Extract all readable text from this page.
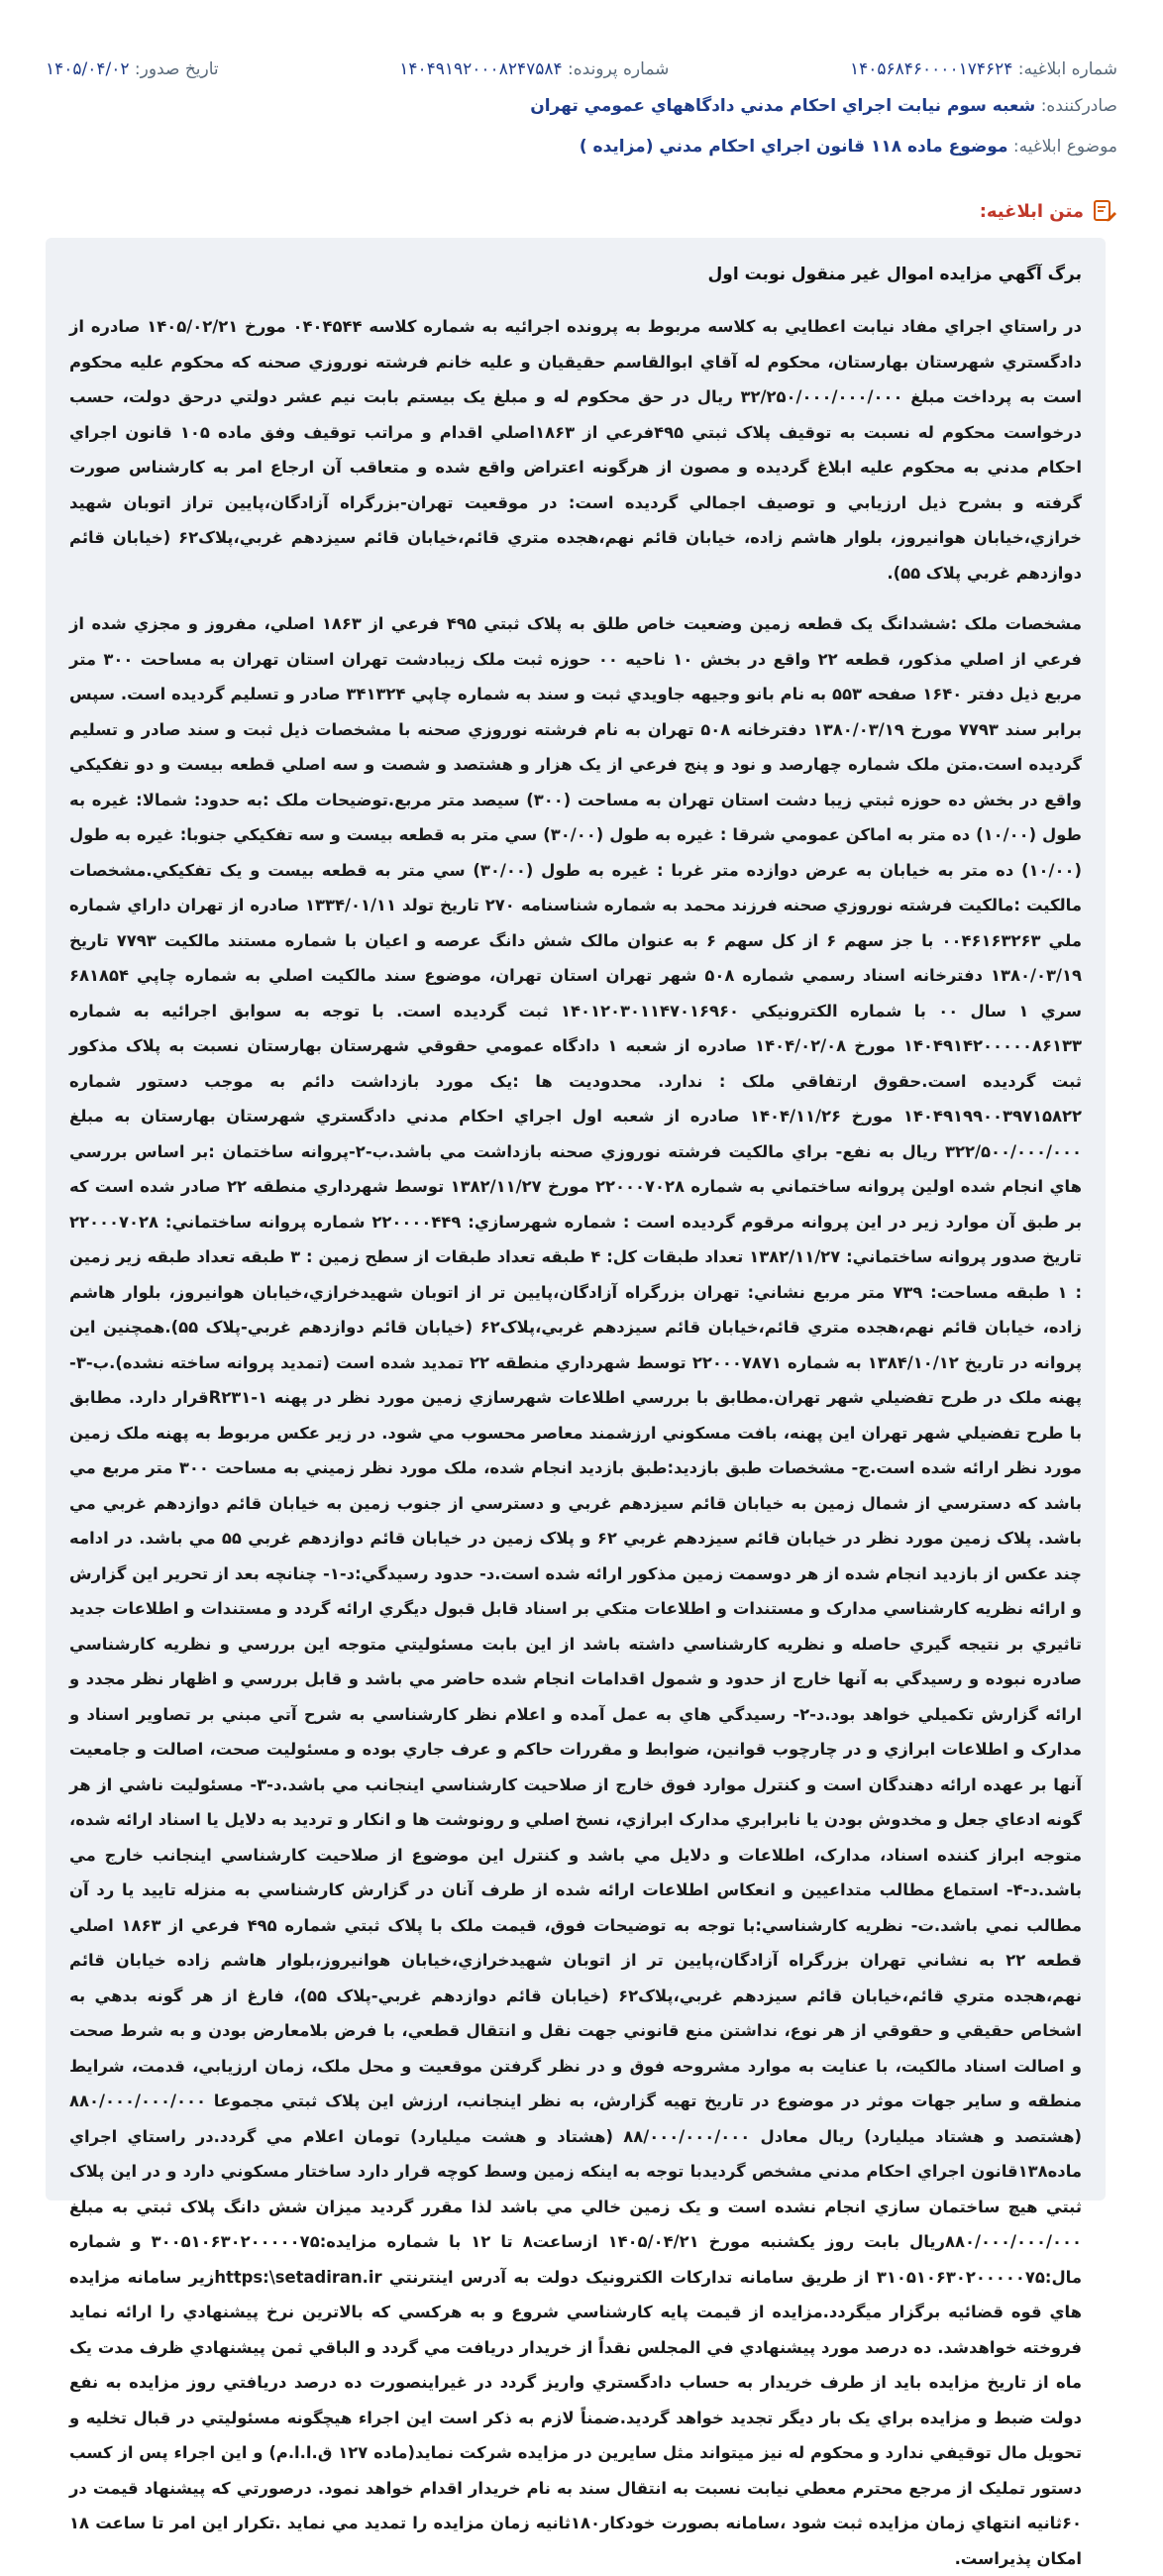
شماره ابلاغيه: ۱۴۰۵۶۸۴۶۰۰۰۰۱۷۴۶۲۴
شماره پرونده: ۱۴۰۴۹۱۹۲۰۰۰۸۲۴۷۵۸۴
تاريخ صدور: ۱۴۰۵/۰۴/۰۲
صادرکننده: شعبه سوم نيابت اجراي احکام مدني دادگاههاي عمومي تهران
موضوع ابلاغيه: موضوع ماده ۱۱۸ قانون اجراي احکام مدني (مزايده )
متن ابلاغيه:
برگ آگهي مزايده اموال غير منقول نوبت اول

در راستاي اجراي مفاد نيابت اعطايي به کلاسه مربوط به پرونده اجرائيه به شماره کلاسه ۰۴۰۴۵۴۴ مورخ ۱۴۰۵/۰۲/۲۱ صادره از دادگستري شهرستان بهارستان، محکوم له آقاي ابوالقاسم حقيقيان و عليه خانم فرشته نوروزي صحنه که محکوم عليه محکوم است به پرداخت مبلغ ۳۲/۲۵۰/۰۰۰/۰۰۰/۰۰۰ ريال در حق محکوم له و مبلغ يک بيستم بابت نيم عشر دولتي درحق دولت، حسب درخواست محکوم له نسبت به توقيف پلاک ثبتي ۴۹۵فرعي از ۱۸۶۳اصلي اقدام و مراتب توقيف وفق ماده ۱۰۵ قانون اجراي احکام مدني به محکوم عليه ابلاغ گرديده و مصون از هرگونه اعتراض واقع شده و متعاقب آن ارجاع امر به کارشناس صورت گرفته و بشرح ذيل ارزيابي و توصيف اجمالي گرديده است: در موقعيت تهران-بزرگراه آزادگان،پايين تراز اتوبان شهيد خرازي،خيابان هوانيروز، بلوار هاشم زاده، خيابان قائم نهم،هجده متري قائم،خيابان قائم سيزدهم غربي،پلاک۶۲ (خيابان قائم دوازدهم غربي پلاک ۵۵).

مشخصات ملک :ششدانگ يک قطعه زمين وضعيت خاص طلق به پلاک ثبتي ۴۹۵ فرعي از ۱۸۶۳ اصلي، مفروز و مجزي شده از فرعي از اصلي مذکور، قطعه ۲۲ واقع در بخش ۱۰ ناحيه ۰۰ حوزه ثبت ملک زيبادشت تهران استان تهران به مساحت ۳۰۰ متر مربع ذيل دفتر ۱۶۴۰ صفحه ۵۵۳ به نام بانو وجيهه جاويدي ثبت و سند به شماره چاپي ۳۴۱۳۲۴ صادر و تسليم گرديده است. سپس برابر سند ۷۷۹۳ مورخ ۱۳۸۰/۰۳/۱۹ دفترخانه ۵۰۸ تهران به نام فرشته نوروزي صحنه با مشخصات ذيل ثبت و سند صادر و تسليم گرديده است.متن ملک شماره چهارصد و نود و پنج فرعي از يک هزار و هشتصد و شصت و سه اصلي قطعه بيست و دو تفکيکي واقع در بخش ده حوزه ثبتي زيبا دشت استان تهران به مساحت (۳۰۰) سيصد متر مربع.توضيحات ملک :به حدود: شمالا: غيره به طول (۱۰/۰۰) ده متر به اماکن عمومي شرقا : غيره به طول (۳۰/۰۰) سي متر به قطعه بيست و سه تفکيکي جنوبا: غيره به طول (۱۰/۰۰) ده متر به خيابان به عرض دوازده متر غربا : غيره به طول (۳۰/۰۰) سي متر به قطعه بيست و يک تفکيکي.مشخصات مالکيت :مالکيت فرشته نوروزي صحنه فرزند محمد به شماره شناسنامه ۲۷۰ تاريخ تولد ۱۳۳۴/۰۱/۱۱ صادره از تهران داراي شماره ملي ۰۰۴۶۱۶۳۲۶۳ با جز سهم ۶ از کل سهم ۶ به عنوان مالک شش دانگ عرصه و اعيان با شماره مستند مالکيت ۷۷۹۳ تاريخ ۱۳۸۰/۰۳/۱۹ دفترخانه اسناد رسمي شماره ۵۰۸ شهر تهران استان تهران، موضوع سند مالکيت اصلي به شماره چاپي ۶۸۱۸۵۴ سري ۱ سال ۰۰ با شماره الکترونيکي ۱۴۰۱۲۰۳۰۱۱۴۷۰۱۶۹۶۰ ثبت گرديده است. با توجه به سوابق اجرائيه به شماره ۱۴۰۴۹۱۴۲۰۰۰۰۰۸۶۱۳۳ مورخ ۱۴۰۴/۰۲/۰۸ صادره از شعبه ۱ دادگاه عمومي حقوقي شهرستان بهارستان نسبت به پلاک مذکور ثبت گرديده است.حقوق ارتفاقي ملک : ندارد. محدوديت ها :يک مورد بازداشت دائم به موجب دستور شماره ۱۴۰۴۹۱۹۹۰۰۳۹۷۱۵۸۲۲ مورخ ۱۴۰۴/۱۱/۲۶ صادره از شعبه اول اجراي احکام مدني دادگستري شهرستان بهارستان به مبلغ ۳۲۲/۵۰۰/۰۰۰/۰۰۰ ريال به نفع- براي مالکيت فرشته نوروزي صحنه بازداشت مي باشد.ب-۲-پروانه ساختمان :بر اساس بررسي هاي انجام شده اولين پروانه ساختماني به شماره ۲۲۰۰۰۷۰۲۸ مورخ ۱۳۸۲/۱۱/۲۷ توسط شهرداري منطقه ۲۲ صادر شده است که بر طبق آن موارد زير در اين پروانه مرقوم گرديده است : شماره شهرسازي: ۲۲۰۰۰۰۴۴۹ شماره پروانه ساختماني: ۲۲۰۰۰۷۰۲۸ تاريخ صدور پروانه ساختماني: ۱۳۸۲/۱۱/۲۷ تعداد طبقات کل: ۴ طبقه تعداد طبقات از سطح زمين : ۳ طبقه تعداد طبقه زير زمين : ۱ طبقه مساحت: ۷۳۹ متر مربع نشاني: تهران بزرگراه آزادگان،پايين تر از اتوبان شهيدخرازي،خيابان هوانيروز، بلوار هاشم زاده، خيابان قائم نهم،هجده متري قائم،خيابان قائم سيزدهم غربي،پلاک۶۲ (خيابان قائم دوازدهم غربي-پلاک ۵۵).همچنين اين پروانه در تاريخ ۱۳۸۴/۱۰/۱۲ به شماره ۲۲۰۰۰۷۸۷۱ توسط شهرداري منطقه ۲۲ تمديد شده است (تمديد پروانه ساخته نشده).ب-۳- پهنه ملک در طرح تفضيلي شهر تهران.مطابق با بررسي اطلاعات شهرسازي زمين مورد نظر در پهنه R۲۳۱-۱قرار دارد. مطابق با طرح تفضيلي شهر تهران اين پهنه، بافت مسکوني ارزشمند معاصر محسوب مي شود. در زير عکس مربوط به پهنه ملک زمين مورد نظر ارائه شده است.ج- مشخصات طبق بازديد:طبق بازديد انجام شده، ملک مورد نظر زميني به مساحت ۳۰۰ متر مربع مي باشد که دسترسي از شمال زمين به خيابان قائم سيزدهم غربي و دسترسي از جنوب زمين به خيابان قائم دوازدهم غربي مي باشد. پلاک زمين مورد نظر در خيابان قائم سيزدهم غربي ۶۲ و پلاک زمين در خيابان قائم دوازدهم غربي ۵۵ مي باشد. در ادامه چند عکس از بازديد انجام شده از هر دوسمت زمين مذکور ارائه شده است.د- حدود رسيدگي:د-۱- چنانچه بعد از تحرير اين گزارش و ارائه نظريه کارشناسي مدارک و مستندات و اطلاعات متکي بر اسناد قابل قبول ديگري ارائه گردد و مستندات و اطلاعات جديد تاثيري بر نتيجه گيري حاصله و نظريه کارشناسي داشته باشد از اين بابت مسئوليتي متوجه اين بررسي و نظريه کارشناسي صادره نبوده و رسيدگي به آنها خارج از حدود و شمول اقدامات انجام شده حاضر مي باشد و قابل بررسي و اظهار نظر مجدد و ارائه گزارش تکميلي خواهد بود.د-۲- رسيدگي هاي به عمل آمده و اعلام نظر کارشناسي به شرح آتي مبني بر تصاوير اسناد و مدارک و اطلاعات ابرازي و در چارچوب قوانين، ضوابط و مقررات حاکم و عرف جاري بوده و مسئوليت صحت، اصالت و جامعيت آنها بر عهده ارائه دهندگان است و کنترل موارد فوق خارج از صلاحيت کارشناسي اينجانب مي باشد.د-۳- مسئوليت ناشي از هر گونه ادعاي جعل و مخدوش بودن يا نابرابري مدارک ابرازي، نسخ اصلي و رونوشت ها و انکار و ترديد به دلايل يا اسناد ارائه شده، متوجه ابراز کننده اسناد، مدارک، اطلاعات و دلايل مي باشد و کنترل اين موضوع از صلاحيت کارشناسي اينجانب خارج مي باشد.د-۴- استماع مطالب متداعيين و انعکاس اطلاعات ارائه شده از طرف آنان در گزارش کارشناسي به منزله تاييد يا رد آن مطالب نمي باشد.ت- نظريه کارشناسي:با توجه به توضيحات فوق، قيمت ملک با پلاک ثبتي شماره ۴۹۵ فرعي از ۱۸۶۳ اصلي قطعه ۲۲ به نشاني تهران بزرگراه آزادگان،پايين تر از اتوبان شهيدخرازي،خيابان هوانيروز،بلوار هاشم زاده خيابان قائم نهم،هجده متري قائم،خيابان قائم سيزدهم غربي،پلاک۶۲ (خيابان قائم دوازدهم غربي-پلاک ۵۵)، فارغ از هر گونه بدهي به اشخاص حقيقي و حقوقي از هر نوع، نداشتن منع قانوني جهت نقل و انتقال قطعي، با فرض بلامعارض بودن و به شرط صحت و اصالت اسناد مالکيت، با عنايت به موارد مشروحه فوق و در نظر گرفتن موقعيت و محل ملک، زمان ارزيابي، قدمت، شرايط منطقه و ساير جهات موثر در موضوع در تاريخ تهيه گزارش، به نظر اينجانب، ارزش اين پلاک ثبتي مجموعا ۸۸۰/۰۰۰/۰۰۰/۰۰۰ (هشتصد و هشتاد ميليارد) ريال معادل ۸۸/۰۰۰/۰۰۰/۰۰۰ (هشتاد و هشت ميليارد) تومان اعلام مي گردد.در راستاي اجراي ماده۱۳۸قانون اجراي احکام مدني مشخص گرديدبا توجه به اينکه زمين وسط کوچه قرار دارد ساختار مسکوني دارد و در اين پلاک ثبتي هيچ ساختمان سازي انجام نشده است و يک زمين خالي مي باشد لذا مقرر گرديد ميزان شش دانگ پلاک ثبتي به مبلغ ۸۸۰/۰۰۰/۰۰۰/۰۰۰ريال بابت روز يکشنبه مورخ ۱۴۰۵/۰۴/۲۱ ازساعت۸ تا ۱۲ با شماره مزايده:۳۰۰۵۱۰۶۳۰۲۰۰۰۰۰۷۵ و شماره مال:۳۱۰۵۱۰۶۳۰۲۰۰۰۰۰۷۵ از طريق سامانه تدارکات الکترونيک دولت به آدرس اينترنتي https:\setadiran.irزير سامانه مزايده هاي قوه قضائيه برگزار ميگردد.مزايده از قيمت پايه کارشناسي شروع و به هرکسي که بالاترين نرخ پيشنهادي را ارائه نمايد فروخته خواهدشد. ده درصد مورد پيشنهادي في المجلس نقداً از خريدار دريافت مي گردد و الباقي ثمن پيشنهادي ظرف مدت يک ماه از تاريخ مزايده بايد از طرف خريدار به حساب دادگستري واريز گردد در غيراينصورت ده درصد دريافتي روز مزايده به نفع دولت ضبط و مزايده براي يک بار ديگر تجديد خواهد گرديد.ضمناً لازم به ذکر است اين اجراء هيچگونه مسئوليتي در قبال تخليه و تحويل مال توقيفي ندارد و محکوم له نيز ميتواند مثل سايرين در مزايده شرکت نمايد(ماده ۱۲۷ ق.ا.ا.م) و اين اجراء پس از کسب دستور تمليک از مرجع محترم معطي نيابت نسبت به انتقال سند به نام خريدار اقدام خواهد نمود. درصورتي که پيشنهاد قيمت در ۶۰ثانيه انتهاي زمان مزايده ثبت شود ،سامانه بصورت خودکار۱۸۰ثانيه زمان مزايده را تمديد مي نمايد .تکرار اين امر تا ساعت ۱۸ امکان پذيراست.
